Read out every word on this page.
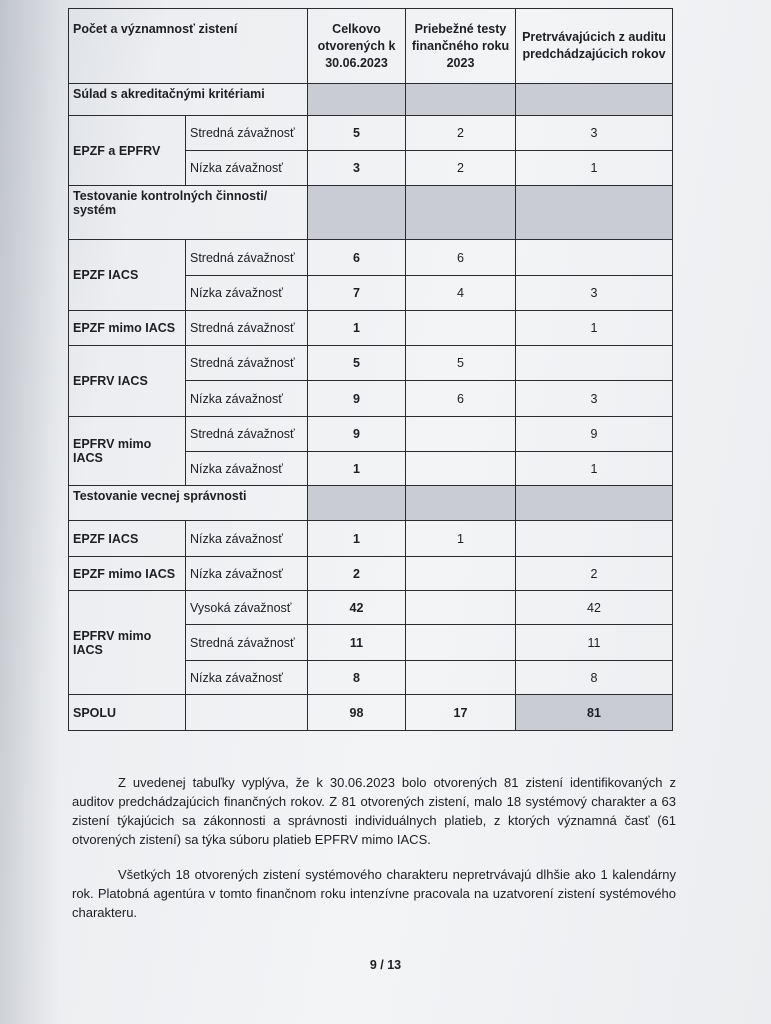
Počet a významnosť zistení		Celkovo otvorených k 30.06.2023	Priebežné testy finančného roku 2023	Pretrvávajúcich z auditu predchádzajúcich rokov
Súlad s akreditačnými kritériami				
EPZF a EPFRV	Stredná závažnosť	5	2	3
	Nízka závažnosť	3	2	1
Testovanie kontrolných činnosti/ systém				
EPZF IACS	Stredná závažnosť	6	6	
	Nízka závažnosť	7	4	3
EPZF mimo IACS	Stredná závažnosť	1		1
EPFRV IACS	Stredná závažnosť	5	5	
	Nízka závažnosť	9	6	3
EPFRV mimo IACS	Stredná závažnosť	9		9
	Nízka závažnosť	1		1
Testovanie vecnej správnosti				
EPZF IACS	Nízka závažnosť	1	1	
EPZF mimo IACS	Nízka závažnosť	2		2
EPFRV mimo IACS	Vysoká závažnosť	42		42
	Stredná závažnosť	11		11
	Nízka závažnosť	8		8
SPOLU		98	17	81

Z uvedenej tabuľky vyplýva, že k 30.06.2023 bolo otvorených 81 zistení identifikovaných z auditov predchádzajúcich finančných rokov. Z 81 otvorených zistení, malo 18 systémový charakter a 63 zistení týkajúcich sa zákonnosti a správnosti individuálnych platieb, z ktorých významná časť (61 otvorených zistení) sa týka súboru platieb EPFRV mimo IACS.

Všetkých 18 otvorených zistení systémového charakteru nepretrvávajú dlhšie ako 1 kalendárny rok. Platobná agentúra v tomto finančnom roku intenzívne pracovala na uzatvorení zistení systémového charakteru.

9 / 13
